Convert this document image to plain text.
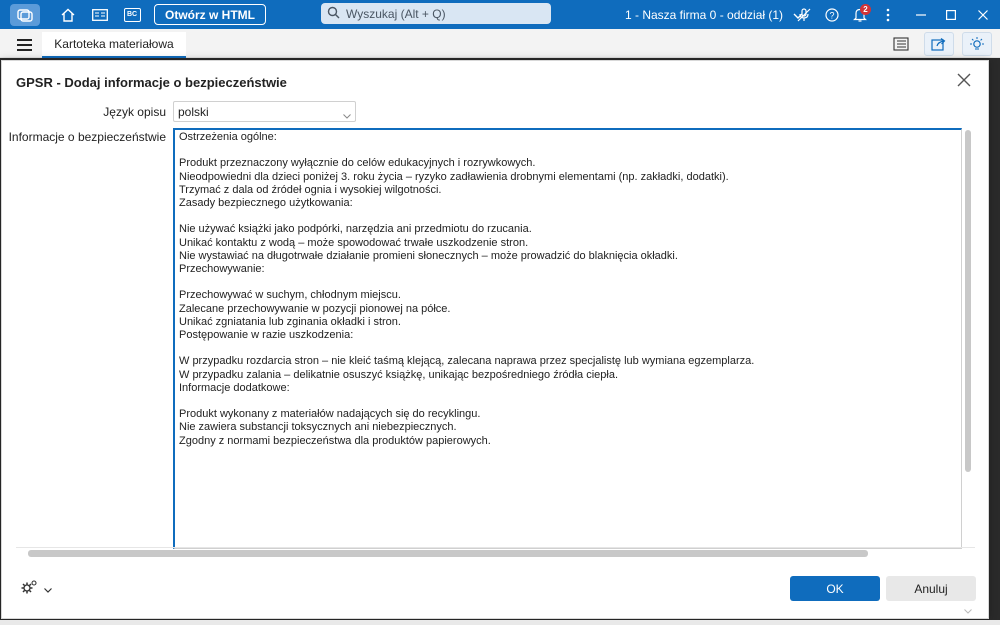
BC	Otwórz w HTML	Wyszukaj (Alt + Q)	1 - Nasza firma 0 - oddział (1)	?
2
Kartoteka materiałowa
GPSR - Dodaj informacje o bezpieczeństwie
Język opisu polski
Informacje o bezpieczeństwie	Ostrzeżenia ogólne:

Produkt przeznaczony wyłącznie do celów edukacyjnych i rozrywkowych.
Nieodpowiedni dla dzieci poniżej 3. roku życia – ryzyko zadławienia drobnymi elementami (np. zakładki, dodatki).
Trzymać z dala od źródeł ognia i wysokiej wilgotności.
Zasady bezpiecznego użytkowania:

Nie używać książki jako podpórki, narzędzia ani przedmiotu do rzucania.
Unikać kontaktu z wodą – może spowodować trwałe uszkodzenie stron.
Nie wystawiać na długotrwałe działanie promieni słonecznych – może prowadzić do blaknięcia okładki.
Przechowywanie:

Przechowywać w suchym, chłodnym miejscu.
Zalecane przechowywanie w pozycji pionowej na półce.
Unikać zgniatania lub zginania okładki i stron.
Postępowanie w razie uszkodzenia:

W przypadku rozdarcia stron – nie kleić taśmą klejącą, zalecana naprawa przez specjalistę lub wymiana egzemplarza.
W przypadku zalania – delikatnie osuszyć książkę, unikając bezpośredniego źródła ciepła.
Informacje dodatkowe:

Produkt wykonany z materiałów nadających się do recyklingu.
Nie zawiera substancji toksycznych ani niebezpiecznych.
Zgodny z normami bezpieczeństwa dla produktów papierowych.
OK	Anuluj
